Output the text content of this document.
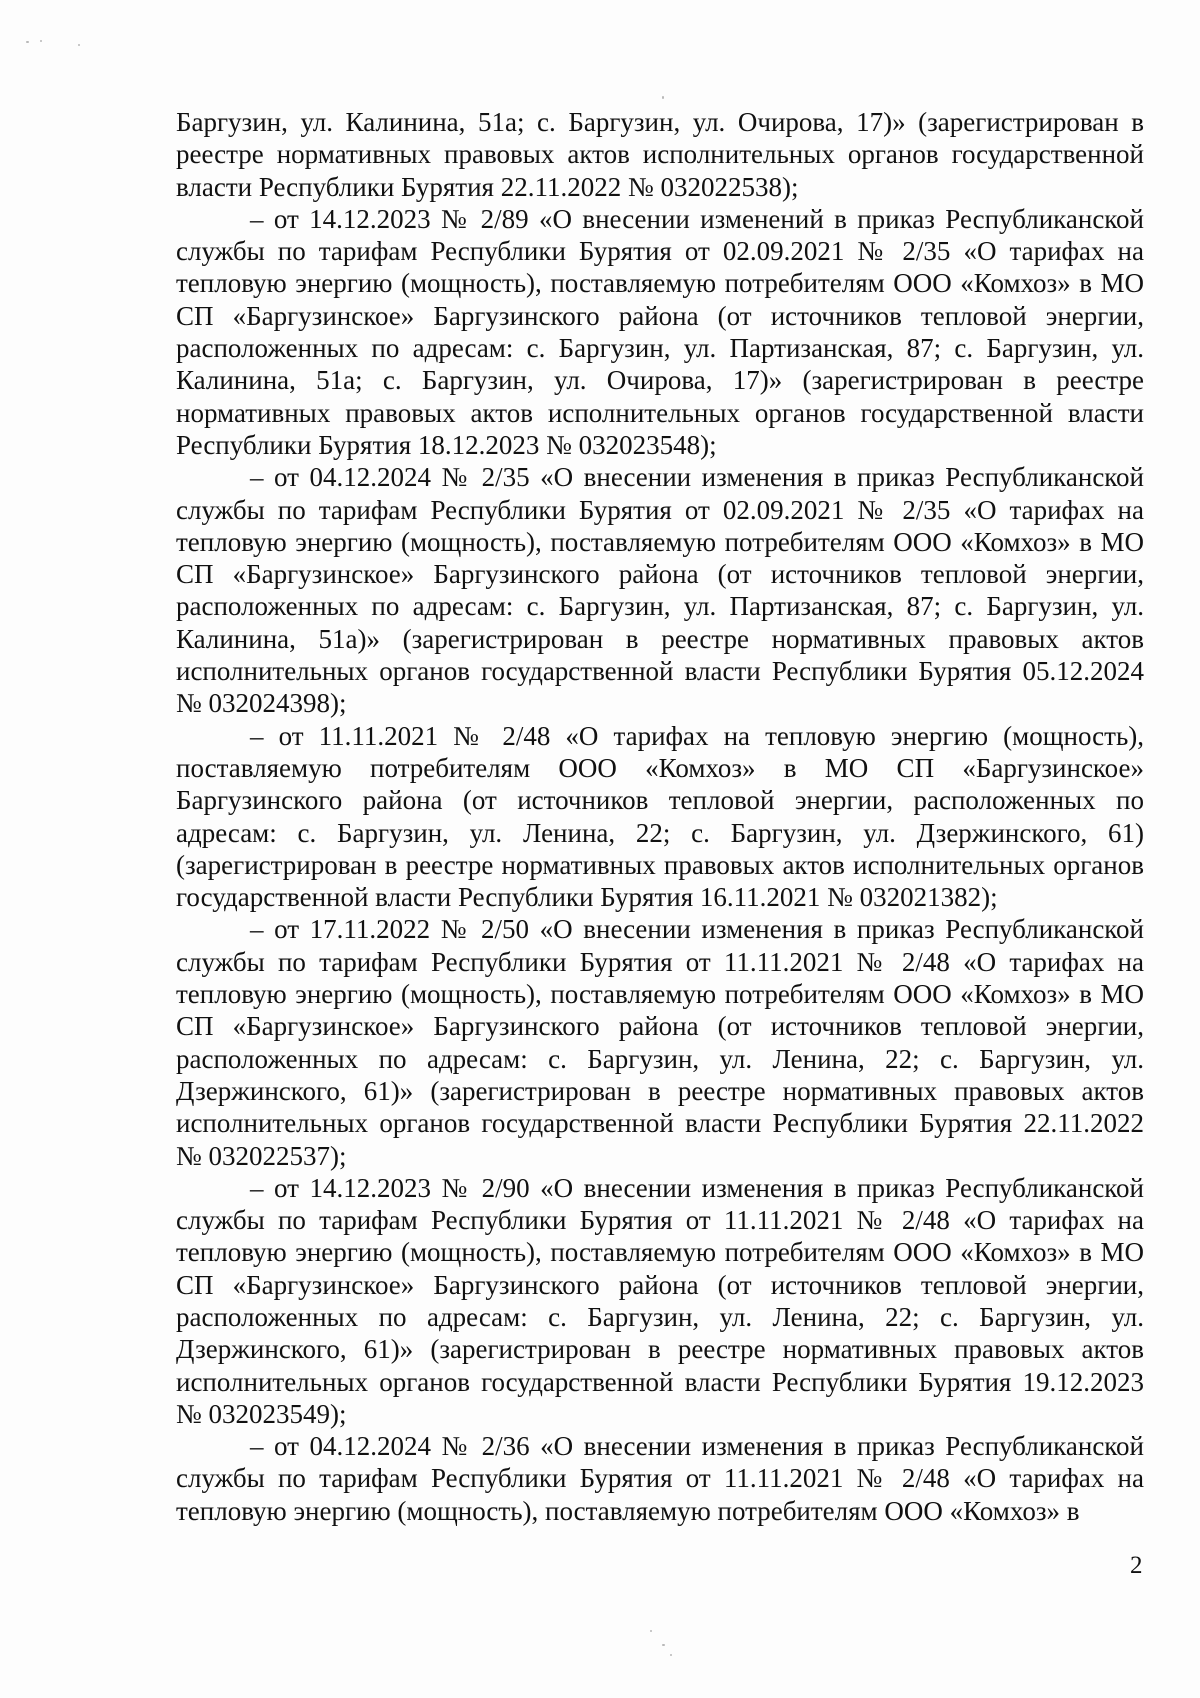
Баргузин, ул. Калинина, 51а; с. Баргузин, ул. Очирова, 17)» (зарегистрирован в реестре нормативных правовых актов исполнительных органов государственной власти Республики Бурятия 22.11.2022 № 032022538);

– от 14.12.2023 № 2/89 «О внесении изменений в приказ Республиканской службы по тарифам Республики Бурятия от 02.09.2021 № 2/35 «О тарифах на тепловую энергию (мощность), поставляемую потребителям ООО «Комхоз» в МО СП «Баргузинское» Баргузинского района (от источников тепловой энергии, расположенных по адресам: с. Баргузин, ул. Партизанская, 87; с. Баргузин, ул. Калинина, 51а; с. Баргузин, ул. Очирова, 17)» (зарегистрирован в реестре нормативных правовых актов исполнительных органов государственной власти Республики Бурятия 18.12.2023 № 032023548);

– от 04.12.2024 № 2/35 «О внесении изменения в приказ Республиканской службы по тарифам Республики Бурятия от 02.09.2021 № 2/35 «О тарифах на тепловую энергию (мощность), поставляемую потребителям ООО «Комхоз» в МО СП «Баргузинское» Баргузинского района (от источников тепловой энергии, расположенных по адресам: с. Баргузин, ул. Партизанская, 87; с. Баргузин, ул. Калинина, 51а)» (зарегистрирован в реестре нормативных правовых актов исполнительных органов государственной власти Республики Бурятия 05.12.2024 № 032024398);

– от 11.11.2021 № 2/48 «О тарифах на тепловую энергию (мощность), поставляемую потребителям ООО «Комхоз» в МО СП «Баргузинское» Баргузинского района (от источников тепловой энергии, расположенных по адресам: с. Баргузин, ул. Ленина, 22; с. Баргузин, ул. Дзержинского, 61) (зарегистрирован в реестре нормативных правовых актов исполнительных органов государственной власти Республики Бурятия 16.11.2021 № 032021382);

– от 17.11.2022 № 2/50 «О внесении изменения в приказ Республиканской службы по тарифам Республики Бурятия от 11.11.2021 № 2/48 «О тарифах на тепловую энергию (мощность), поставляемую потребителям ООО «Комхоз» в МО СП «Баргузинское» Баргузинского района (от источников тепловой энергии, расположенных по адресам: с. Баргузин, ул. Ленина, 22; с. Баргузин, ул. Дзержинского, 61)» (зарегистрирован в реестре нормативных правовых актов исполнительных органов государственной власти Республики Бурятия 22.11.2022 № 032022537);

– от 14.12.2023 № 2/90 «О внесении изменения в приказ Республиканской службы по тарифам Республики Бурятия от 11.11.2021 № 2/48 «О тарифах на тепловую энергию (мощность), поставляемую потребителям ООО «Комхоз» в МО СП «Баргузинское» Баргузинского района (от источников тепловой энергии, расположенных по адресам: с. Баргузин, ул. Ленина, 22; с. Баргузин, ул. Дзержинского, 61)» (зарегистрирован в реестре нормативных правовых актов исполнительных органов государственной власти Республики Бурятия 19.12.2023 № 032023549);

– от 04.12.2024 № 2/36 «О внесении изменения в приказ Республиканской службы по тарифам Республики Бурятия от 11.11.2021 № 2/48 «О тарифах на тепловую энергию (мощность), поставляемую потребителям ООО «Комхоз» в

2
